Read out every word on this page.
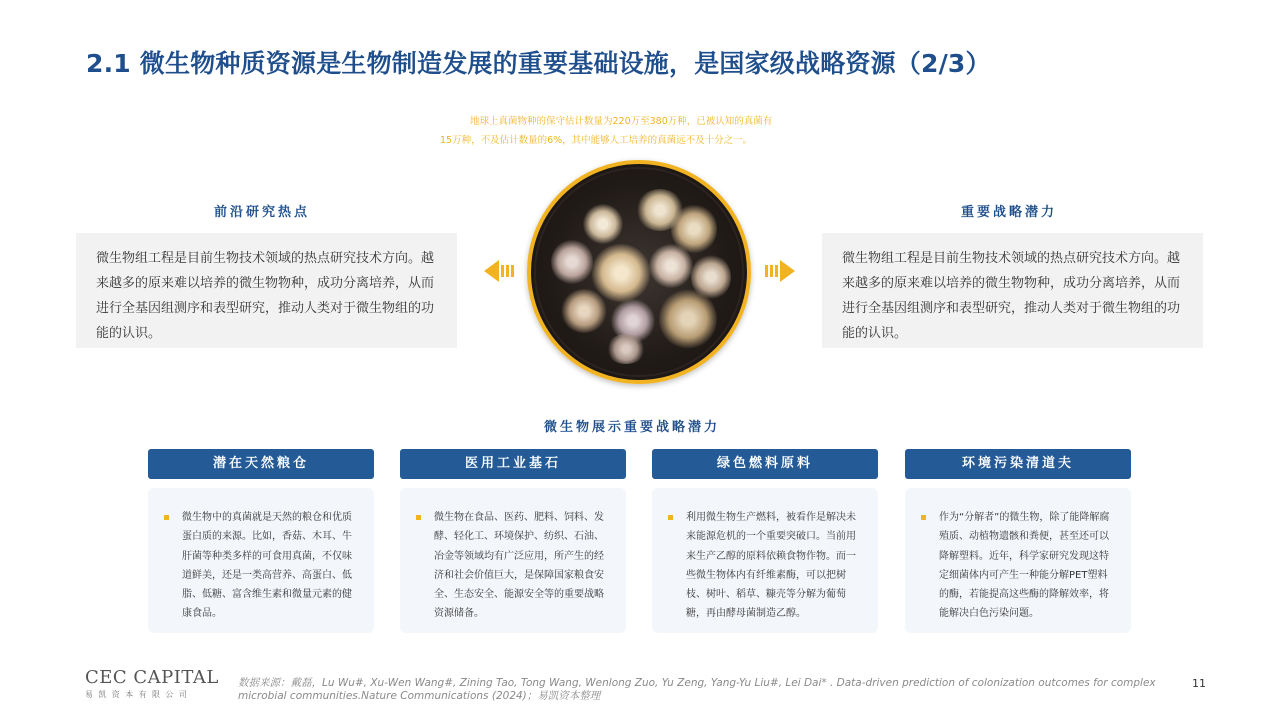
2.1 微生物种质资源是生物制造发展的重要基础设施，是国家级战略资源（2/3）

地球上真菌物种的保守估计数量为220万至380万种，已被认知的真菌有

15万种，不及估计数量的6%，其中能够人工培养的真菌远不及十分之一。

前沿研究热点	重要战略潜力

微生物组工程是目前生物技术领域的热点研究技术方向。越来越多的原来难以培养的微生物物种，成功分离培养，从而进行全基因组测序和表型研究，推动人类对于微生物组的功能的认识。

微生物组工程是目前生物技术领域的热点研究技术方向。越来越多的原来难以培养的微生物物种，成功分离培养，从而进行全基因组测序和表型研究，推动人类对于微生物组的功能的认识。

微生物展示重要战略潜力
潜在天然粮仓	医用工业基石	绿色燃料原料	环境污染清道夫

微生物中的真菌就是天然的粮仓和优质蛋白质的来源。比如，香菇、木耳、牛肝菌等种类多样的可食用真菌，不仅味道鲜美，还是一类高营养、高蛋白、低脂、低糖、富含维生素和微量元素的健康食品。

微生物在食品、医药、肥料、饲料、发酵、轻化工、环境保护、纺织、石油、冶金等领域均有广泛应用，所产生的经济和社会价值巨大，是保障国家粮食安全、生态安全、能源安全等的重要战略资源储备。

利用微生物生产燃料，被看作是解决未来能源危机的一个重要突破口。当前用来生产乙醇的原料依赖食物作物。而一些微生物体内有纤维素酶，可以把树枝、树叶、稻草、糠壳等分解为葡萄糖，再由酵母菌制造乙醇。

作为“分解者”的微生物，除了能降解腐殖质、动植物遗骸和粪便，甚至还可以降解塑料。近年，科学家研究发现这特定细菌体内可产生一种能分解PET塑料的酶，若能提高这些酶的降解效率，将能解决白色污染问题。

CEC CAPITAL
易凯资本有限公司
数据来源：戴磊，Lu Wu#, Xu-Wen Wang#, Zining Tao, Tong Wang, Wenlong Zuo, Yu Zeng, Yang-Yu Liu#, Lei Dai* . Data-driven prediction of colonization outcomes for complex microbial communities.Nature Communications (2024)；易凯资本整理
11
